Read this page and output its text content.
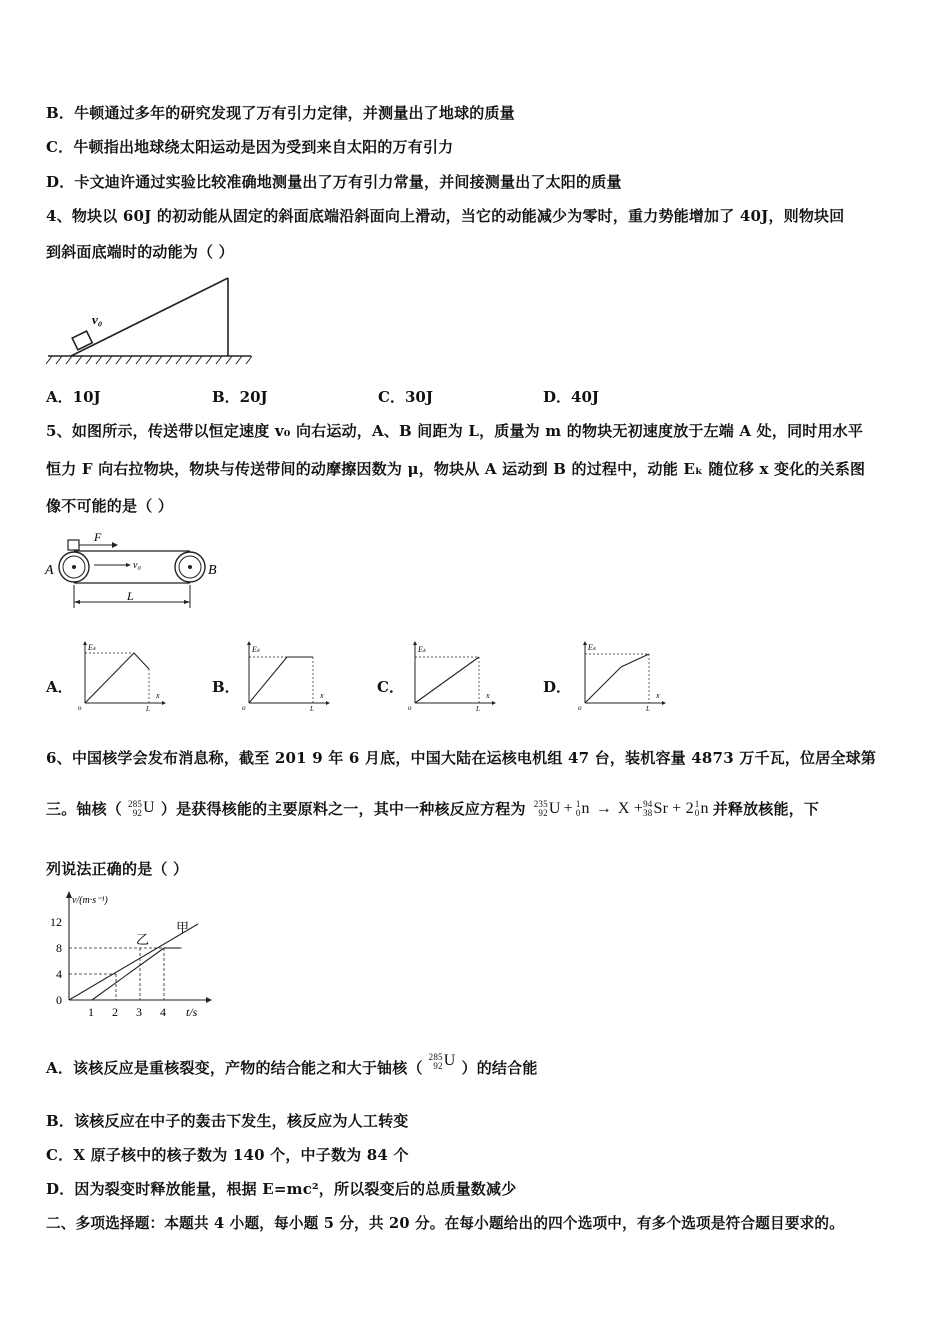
B．牛顿通过多年的研究发现了万有引力定律，并测量出了地球的质量
C．牛顿指出地球绕太阳运动是因为受到来自太阳的万有引力
D．卡文迪许通过实验比较准确地测量出了万有引力常量，并间接测量出了太阳的质量
4、物块以 60J 的初动能从固定的斜面底端沿斜面向上滑动，当它的动能减少为零时，重力势能增加了 40J，则物块回
到斜面底端时的动能为（ ）
v₀
A．10J	B．20J	C．30J	D．40J
5、如图所示，传送带以恒定速度 v₀ 向右运动，A、B 间距为 L，质量为 m 的物块无初速度放于左端 A 处，同时用水平
恒力 F 向右拉物块，物块与传送带间的动摩擦因数为 μ，物块从 A 运动到 B 的过程中，动能 Eₖ 随位移 x 变化的关系图
像不可能的是（ ）
F
v₀
A	B
L
A．
Eₖ
x
o	L
B．
Eₖ
x
o	L
C．
Eₖ
x
o	L
D．
Eₖ
x
o	L
6、中国核学会发布消息称，截至 201 9 年 6 月底，中国大陆在运核电机组 47 台，装机容量 4873 万千瓦，位居全球第
三。铀核（ 285
92 U ）是获得核能的主要原料之一，其中一种核反应方程为 235
92 U + 1
0 n → X + 94
38 Sr + 2 1
0 n 并释放核能，下
列说法正确的是（ ）
v/(m·s⁻¹)
t/s
12
8
4
0
1 2 3 4
乙
甲
A．该核反应是重核裂变，产物的结合能之和大于铀核（
285
92 U ）的结合能
B．该核反应在中子的轰击下发生，核反应为人工转变
C．X 原子核中的核子数为 140 个，中子数为 84 个
D．因为裂变时释放能量，根据 E=mc²，所以裂变后的总质量数减少
二、多项选择题：本题共 4 小题，每小题 5 分，共 20 分。在每小题给出的四个选项中，有多个选项是符合题目要求的。
